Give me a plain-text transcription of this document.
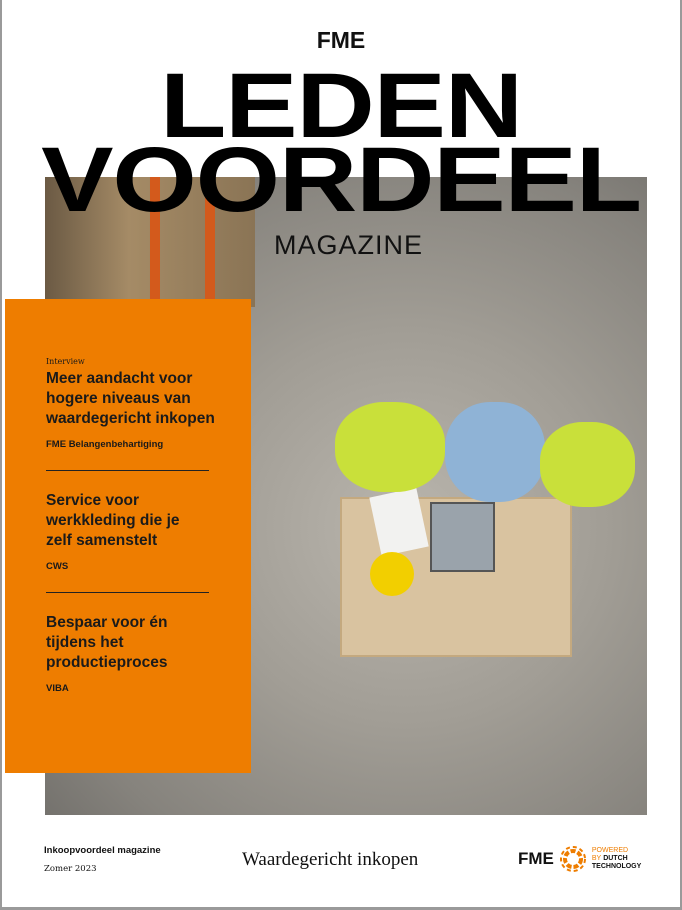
FME
LEDEN
VOORDEEL
MAGAZINE
Interview
Meer aandacht voor hogere niveaus van waardegericht inkopen
FME Belangenbehartiging
Service voor werkkleding die je zelf samenstelt
CWS
Bespaar voor én tijdens het productieproces
VIBA
Inkoopvoordeel magazine
Zomer 2023	Waardegericht inkopen	FME	POWERED
BY DUTCH
TECHNOLOGY
